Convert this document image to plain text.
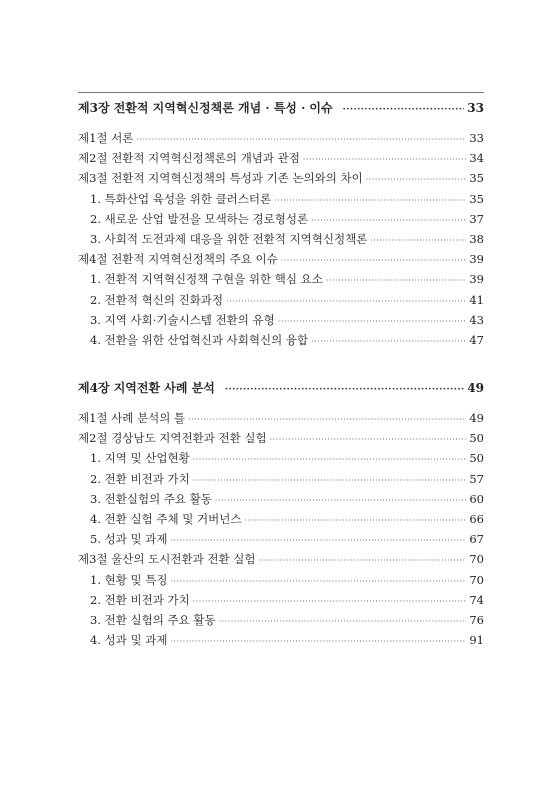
제3장 전환적 지역혁신정책론 개념 · 특성 · 이슈 ·····	33
제1절 서론 ·····	33
제2절 전환적 지역혁신정책론의 개념과 관점 ·····	34
제3절 전환적 지역혁신정책의 특성과 기존 논의와의 차이 ·····	35
1. 특화산업 육성을 위한 클러스터론 ·····	35
2. 새로운 산업 발전을 모색하는 경로형성론 ·····	37
3. 사회적 도전과제 대응을 위한 전환적 지역혁신정책론 ·····	38
제4절 전환적 지역혁신정책의 주요 이슈 ·····	39
1. 전환적 지역혁신정책 구현을 위한 핵심 요소 ·····	39
2. 전환적 혁신의 진화과정 ·····	41
3. 지역 사회·기술시스템 전환의 유형 ·····	43
4. 전환을 위한 산업혁신과 사회혁신의 융합 ·····	47
제4장 지역전환 사례 분석 ·····	49
제1절 사례 분석의 틀 ·····	49
제2절 경상남도 지역전환과 전환 실험 ·····	50
1. 지역 및 산업현황 ·····	50
2. 전환 비전과 가치 ·····	57
3. 전환실험의 주요 활동 ·····	60
4. 전환 실험 주체 및 거버넌스 ·····	66
5. 성과 및 과제 ·····	67
제3절 울산의 도시전환과 전환 실험 ·····	70
1. 현황 및 특징 ·····	70
2. 전환 비전과 가치 ·····	74
3. 전환 실험의 주요 활동 ·····	76
4. 성과 및 과제 ·····	91
